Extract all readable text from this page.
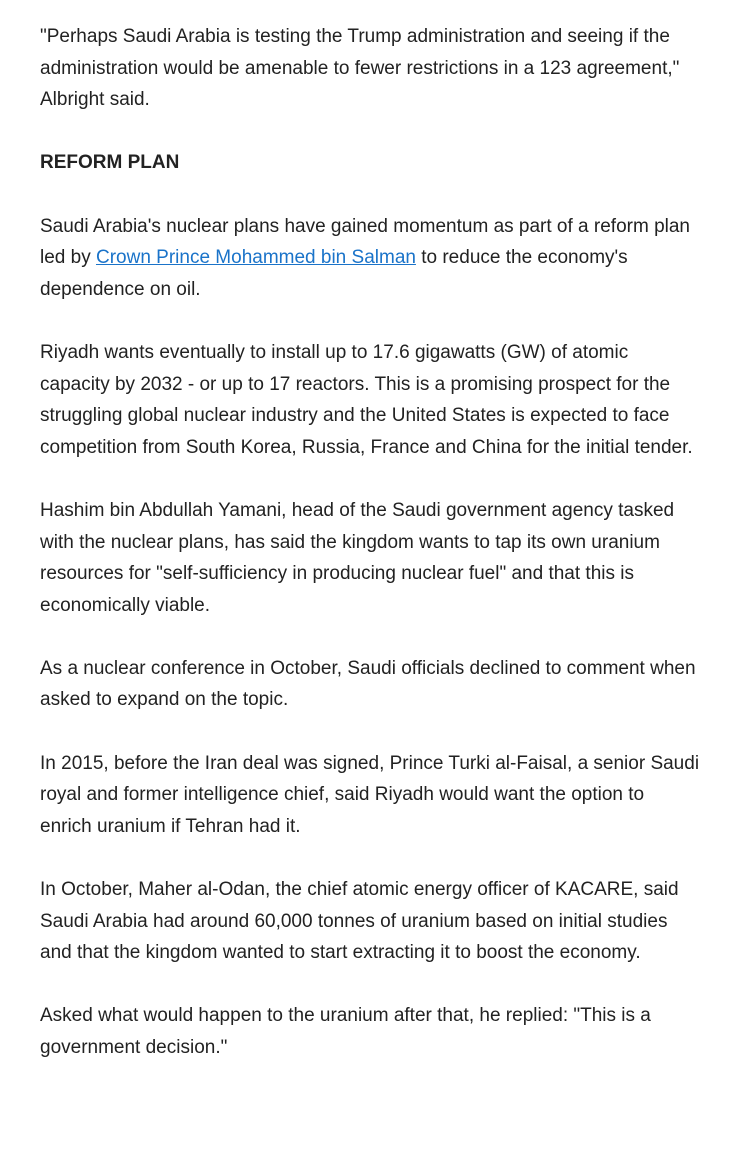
"Perhaps Saudi Arabia is testing the Trump administration and seeing if the administration would be amenable to fewer restrictions in a 123 agreement," Albright said.

REFORM PLAN

Saudi Arabia's nuclear plans have gained momentum as part of a reform plan led by Crown Prince Mohammed bin Salman to reduce the economy's dependence on oil.

Riyadh wants eventually to install up to 17.6 gigawatts (GW) of atomic capacity by 2032 - or up to 17 reactors. This is a promising prospect for the struggling global nuclear industry and the United States is expected to face competition from South Korea, Russia, France and China for the initial tender.

Hashim bin Abdullah Yamani, head of the Saudi government agency tasked with the nuclear plans, has said the kingdom wants to tap its own uranium resources for "self-sufficiency in producing nuclear fuel" and that this is economically viable.

As a nuclear conference in October, Saudi officials declined to comment when asked to expand on the topic.

In 2015, before the Iran deal was signed, Prince Turki al-Faisal, a senior Saudi royal and former intelligence chief, said Riyadh would want the option to enrich uranium if Tehran had it.

In October, Maher al-Odan, the chief atomic energy officer of KACARE, said Saudi Arabia had around 60,000 tonnes of uranium based on initial studies and that the kingdom wanted to start extracting it to boost the economy.

Asked what would happen to the uranium after that, he replied: "This is a government decision."
